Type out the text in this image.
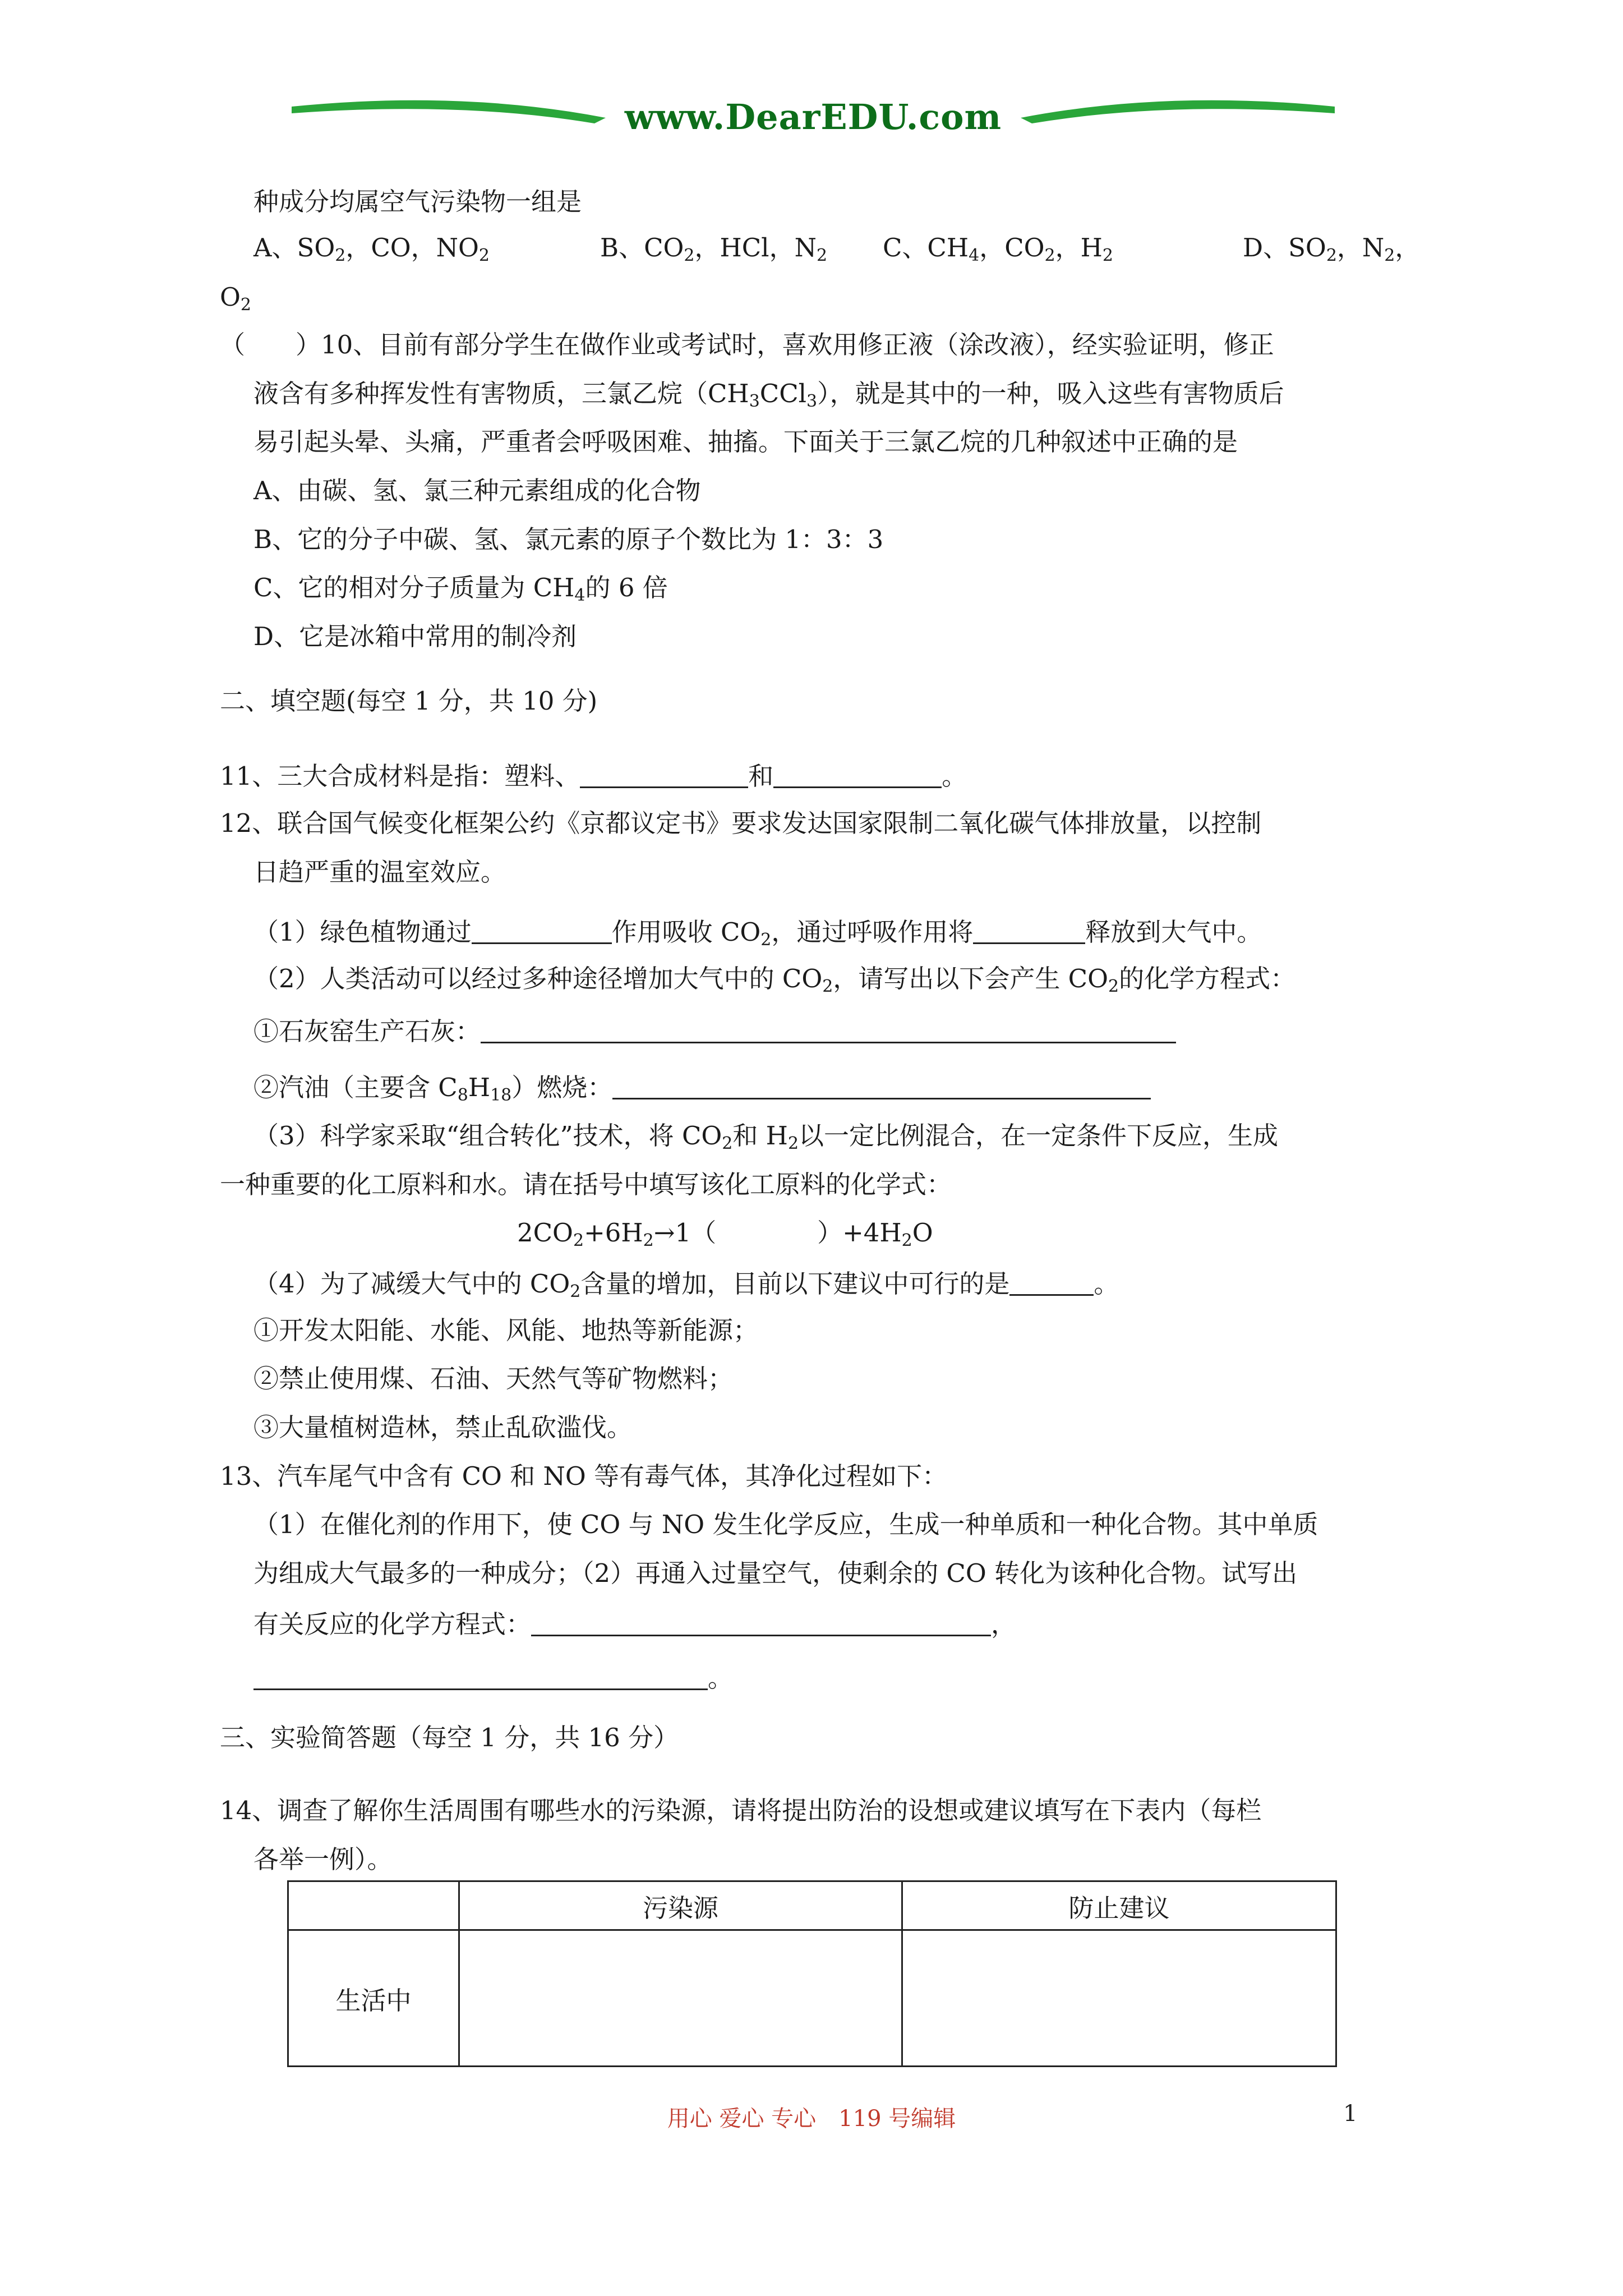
www.DearEDU.com
种成分均属空气污染物一组是
A、$SO_2$，CO，$NO_2$	B、$CO_2$，HCl，$N_2$ C、$CH_4$，$CO_2$，$H_2$	D、$SO_2$，$N_2$，
$O_2$
（　　）10、目前有部分学生在做作业或考试时，喜欢用修正液（涂改液），经实验证明，修正
液含有多种挥发性有害物质，三氯乙烷$(CH_3CCl_3)$，就是其中的一种，吸入这些有害物质后
易引起头晕、头痛，严重者会呼吸困难、抽搐。下面关于三氯乙烷的几种叙述中正确的是
A、由碳、氢、氯三种元素组成的化合物
B、它的分子中碳、氢、氯元素的原子个数比为 1：3：3
C、它的相对分子质量为 $CH_4$的 6 倍
D、它是冰箱中常用的制冷剂
二、填空题(每空 1 分，共 10 分)
11、三大合成材料是指：塑料、	和	。
12、联合国气候变化框架公约《京都议定书》要求发达国家限制二氧化碳气体排放量，以控制
日趋严重的温室效应。
（1）绿色植物通过	作用吸收 $CO_2$，通过呼吸作用将	释放到大气中。
（2）人类活动可以经过多种途径增加大气中的 $CO_2$，请写出以下会产生 $CO_2$的化学方程式：
①石灰窑生产石灰：
②汽油（主要含 $C_8H_{18}$）燃烧：
（3）科学家采取“组合转化”技术，将 $CO_2$和 $H_2$以一定比例混合，在一定条件下反应，生成
一种重要的化工原料和水。请在括号中填写该化工原料的化学式：
$2CO_2+6H_2\to 1$（　　　　）$+4H_2O$
（4）为了减缓大气中的 $CO_2$含量的增加，目前以下建议中可行的是	。
①开发太阳能、水能、风能、地热等新能源；
②禁止使用煤、石油、天然气等矿物燃料；
③大量植树造林，禁止乱砍滥伐。
13、汽车尾气中含有 CO 和 NO 等有毒气体，其净化过程如下：
（1）在催化剂的作用下，使 CO 与 NO 发生化学反应，生成一种单质和一种化合物。其中单质
为组成大气最多的一种成分；（2）再通入过量空气，使剩余的 CO 转化为该种化合物。试写出
有关反应的化学方程式：	，
。
三、实验简答题（每空 1 分，共 16 分）
14、调查了解你生活周围有哪些水的污染源，请将提出防治的设想或建议填写在下表内（每栏
各举一例）。
	污染源	防止建议
生活中		
用心 爱心 专心　119 号编辑	1
